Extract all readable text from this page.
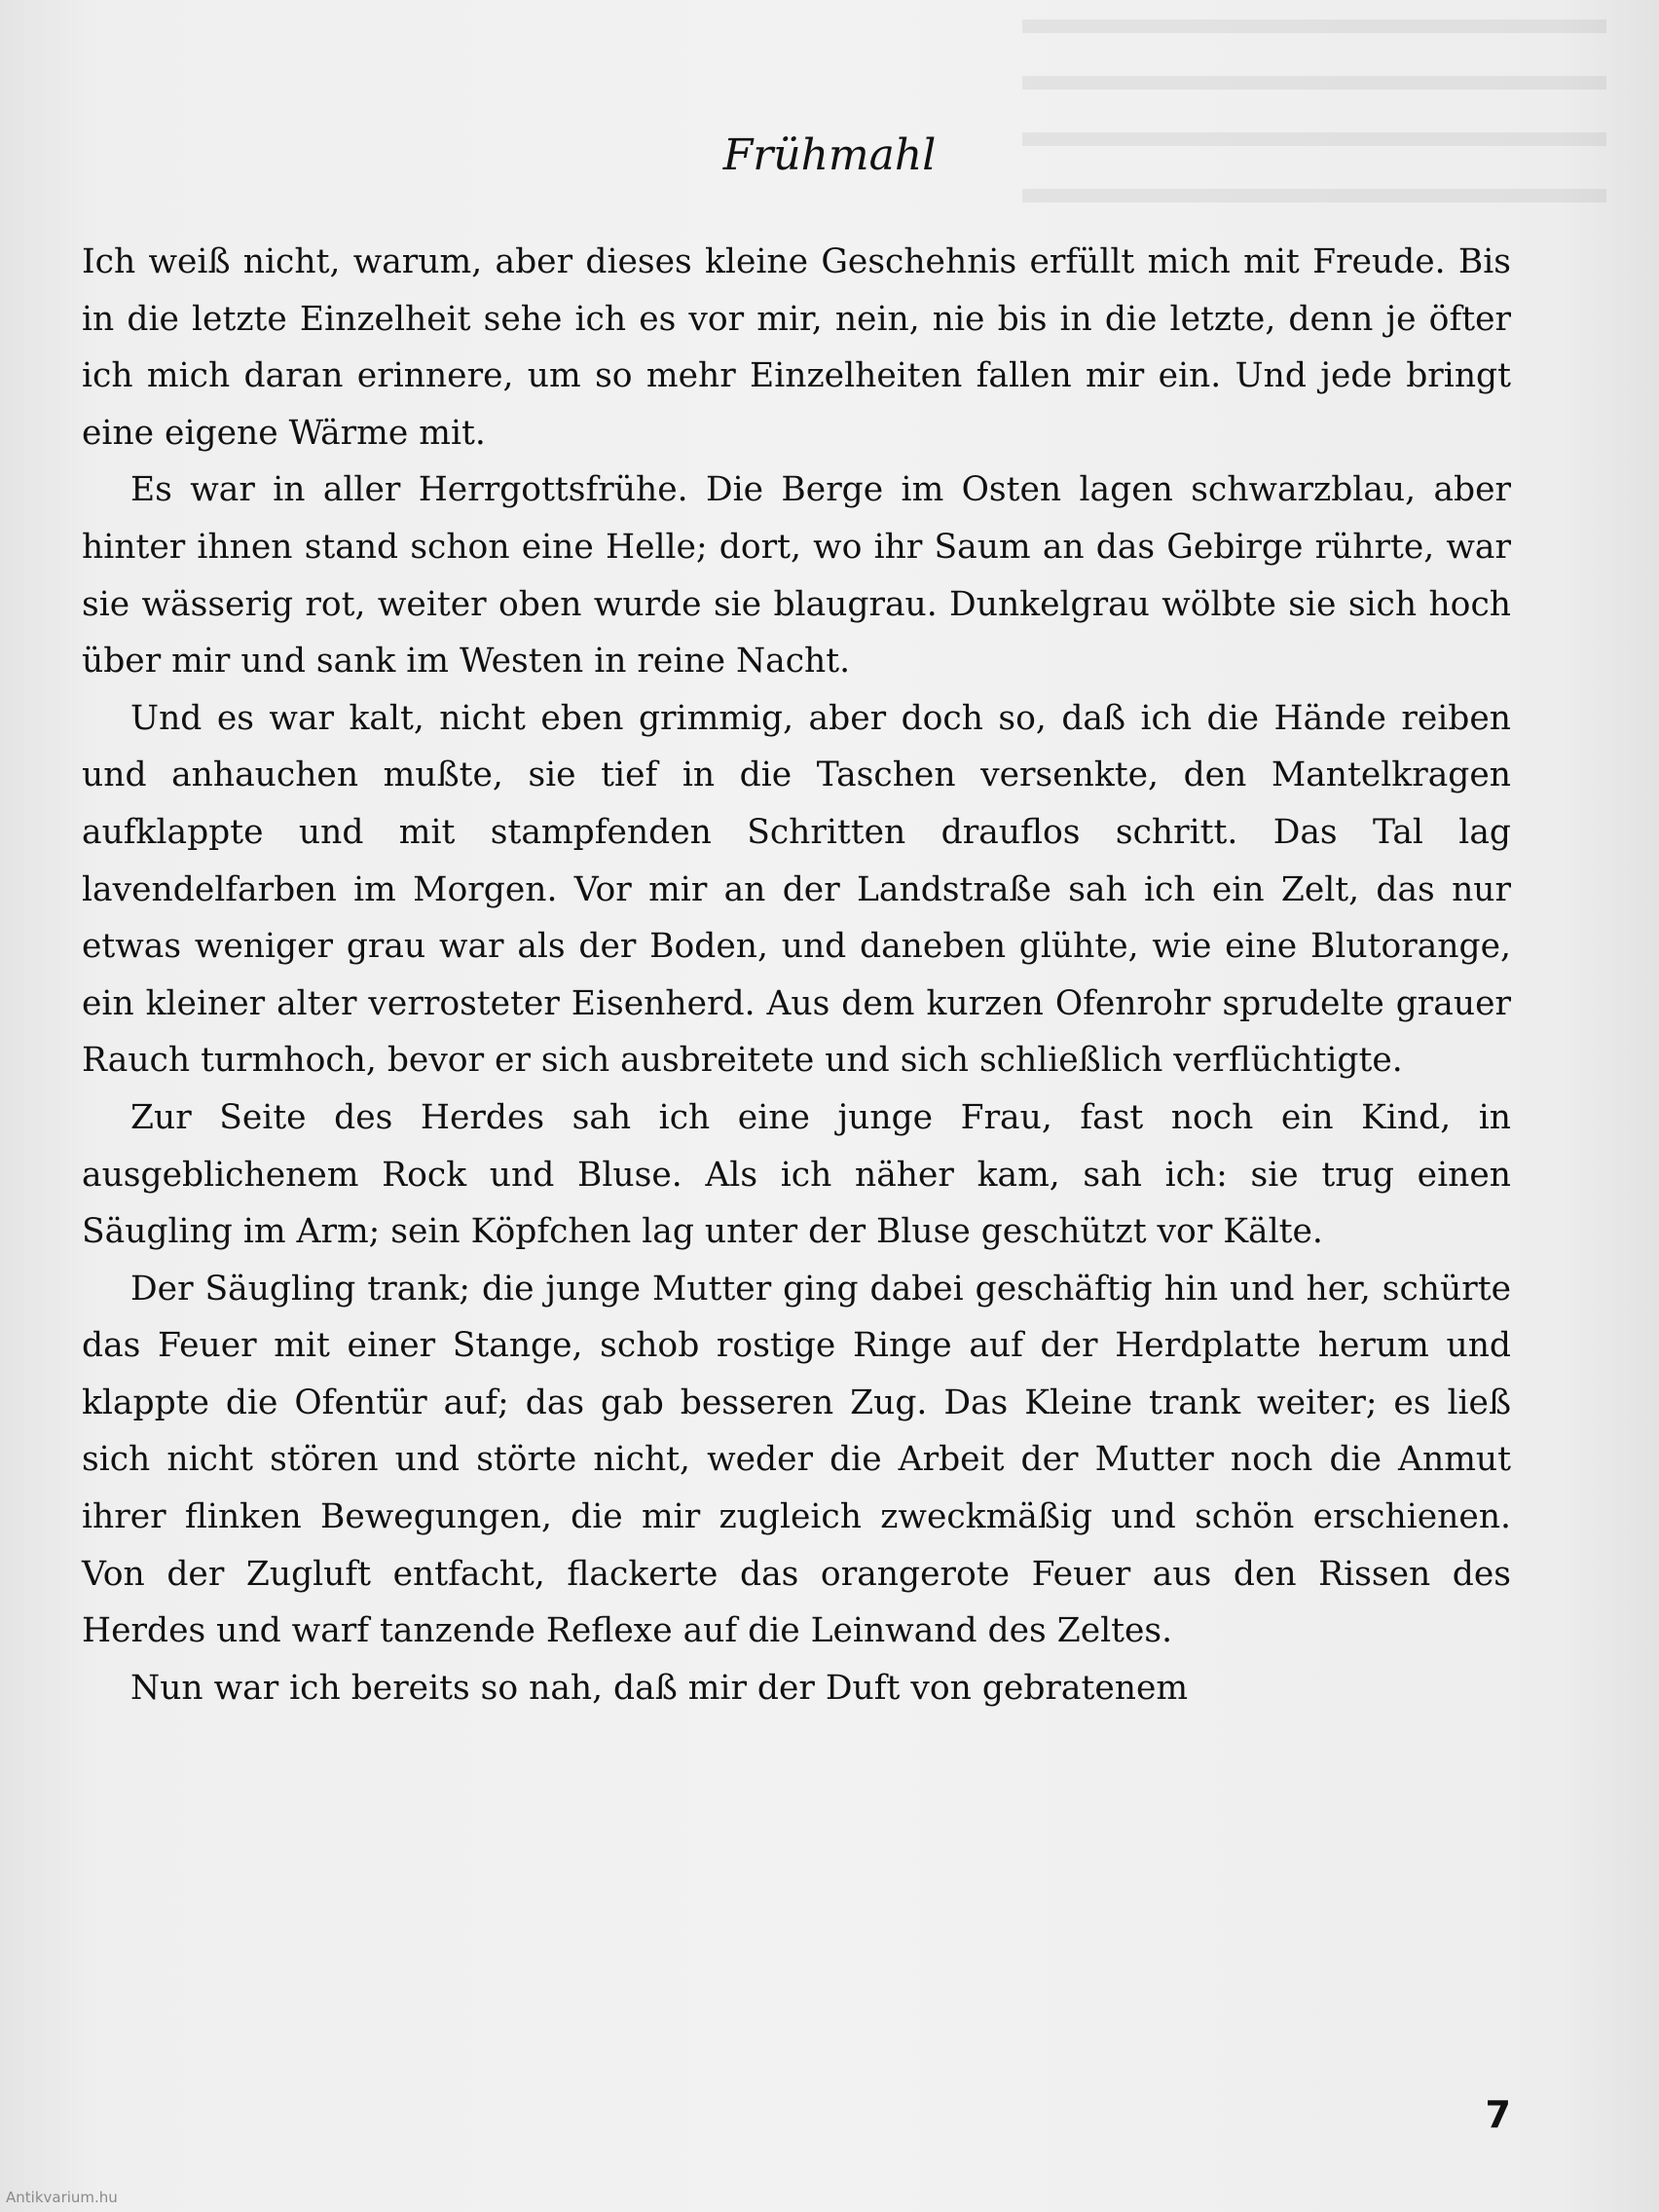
Frühmahl

Ich weiß nicht, warum, aber dieses kleine Geschehnis erfüllt mich mit Freude. Bis in die letzte Einzelheit sehe ich es vor mir, nein, nie bis in die letzte, denn je öfter ich mich daran erinnere, um so mehr Einzelheiten fallen mir ein. Und jede bringt eine eigene Wärme mit.

Es war in aller Herrgottsfrühe. Die Berge im Osten lagen schwarzblau, aber hinter ihnen stand schon eine Helle; dort, wo ihr Saum an das Gebirge rührte, war sie wässerig rot, weiter oben wurde sie blaugrau. Dunkelgrau wölbte sie sich hoch über mir und sank im Westen in reine Nacht.

Und es war kalt, nicht eben grimmig, aber doch so, daß ich die Hände reiben und anhauchen mußte, sie tief in die Taschen versenkte, den Mantelkragen aufklappte und mit stampfenden Schritten drauflos schritt. Das Tal lag lavendelfarben im Morgen. Vor mir an der Landstraße sah ich ein Zelt, das nur etwas weniger grau war als der Boden, und daneben glühte, wie eine Blutorange, ein kleiner alter verrosteter Eisenherd. Aus dem kurzen Ofenrohr sprudelte grauer Rauch turmhoch, bevor er sich ausbreitete und sich schließlich verflüchtigte.

Zur Seite des Herdes sah ich eine junge Frau, fast noch ein Kind, in ausgeblichenem Rock und Bluse. Als ich näher kam, sah ich: sie trug einen Säugling im Arm; sein Köpfchen lag unter der Bluse geschützt vor Kälte.

Der Säugling trank; die junge Mutter ging dabei geschäftig hin und her, schürte das Feuer mit einer Stange, schob rostige Ringe auf der Herdplatte herum und klappte die Ofentür auf; das gab besseren Zug. Das Kleine trank weiter; es ließ sich nicht stören und störte nicht, weder die Arbeit der Mutter noch die Anmut ihrer flinken Bewegungen, die mir zugleich zweckmäßig und schön erschienen. Von der Zugluft entfacht, flackerte das orangerote Feuer aus den Rissen des Herdes und warf tanzende Reflexe auf die Leinwand des Zeltes.

Nun war ich bereits so nah, daß mir der Duft von gebratenem

7
Antikvarium.hu
